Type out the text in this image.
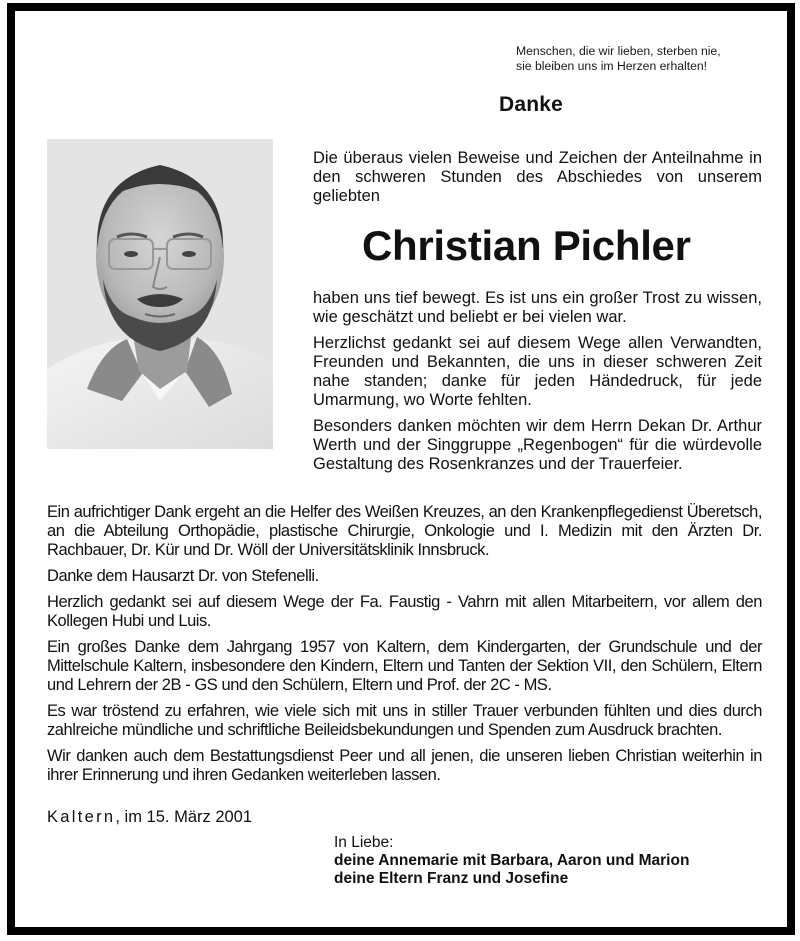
Menschen, die wir lieben, sterben nie,
sie bleiben uns im Herzen erhalten!
Danke
Die überaus vielen Beweise und Zeichen der Anteilnahme in den schweren Stunden des Abschiedes von unserem geliebten
Christian Pichler

haben uns tief bewegt. Es ist uns ein großer Trost zu wissen, wie geschätzt und beliebt er bei vielen war.

Herzlichst gedankt sei auf diesem Wege allen Verwandten, Freunden und Bekannten, die uns in dieser schweren Zeit nahe standen; danke für jeden Händedruck, für jede Umarmung, wo Worte fehlten.

Besonders danken möchten wir dem Herrn Dekan Dr. Arthur Werth und der Singgruppe „Regenbogen“ für die würdevolle Gestaltung des Rosenkranzes und der Trauerfeier.

Ein aufrichtiger Dank ergeht an die Helfer des Weißen Kreuzes, an den Krankenpflegedienst Überetsch, an die Abteilung Orthopädie, plastische Chirurgie, Onkologie und I. Medizin mit den Ärzten Dr. Rachbauer, Dr. Kür und Dr. Wöll der Universitätsklinik Innsbruck.

Danke dem Hausarzt Dr. von Stefenelli.

Herzlich gedankt sei auf diesem Wege der Fa. Faustig - Vahrn mit allen Mitarbeitern, vor allem den Kollegen Hubi und Luis.

Ein großes Danke dem Jahrgang 1957 von Kaltern, dem Kindergarten, der Grundschule und der Mittelschule Kaltern, insbesondere den Kindern, Eltern und Tanten der Sektion VII, den Schülern, Eltern und Lehrern der 2B - GS und den Schülern, Eltern und Prof. der 2C - MS.

Es war tröstend zu erfahren, wie viele sich mit uns in stiller Trauer verbunden fühlten und dies durch zahlreiche mündliche und schriftliche Beileidsbekundungen und Spenden zum Ausdruck brachten.

Wir danken auch dem Bestattungsdienst Peer und all jenen, die unseren lieben Christian weiterhin in ihrer Erinnerung und ihren Gedanken weiterleben lassen.

Kaltern, im 15. März 2001
In Liebe:
deine Annemarie mit Barbara, Aaron und Marion
deine Eltern Franz und Josefine
